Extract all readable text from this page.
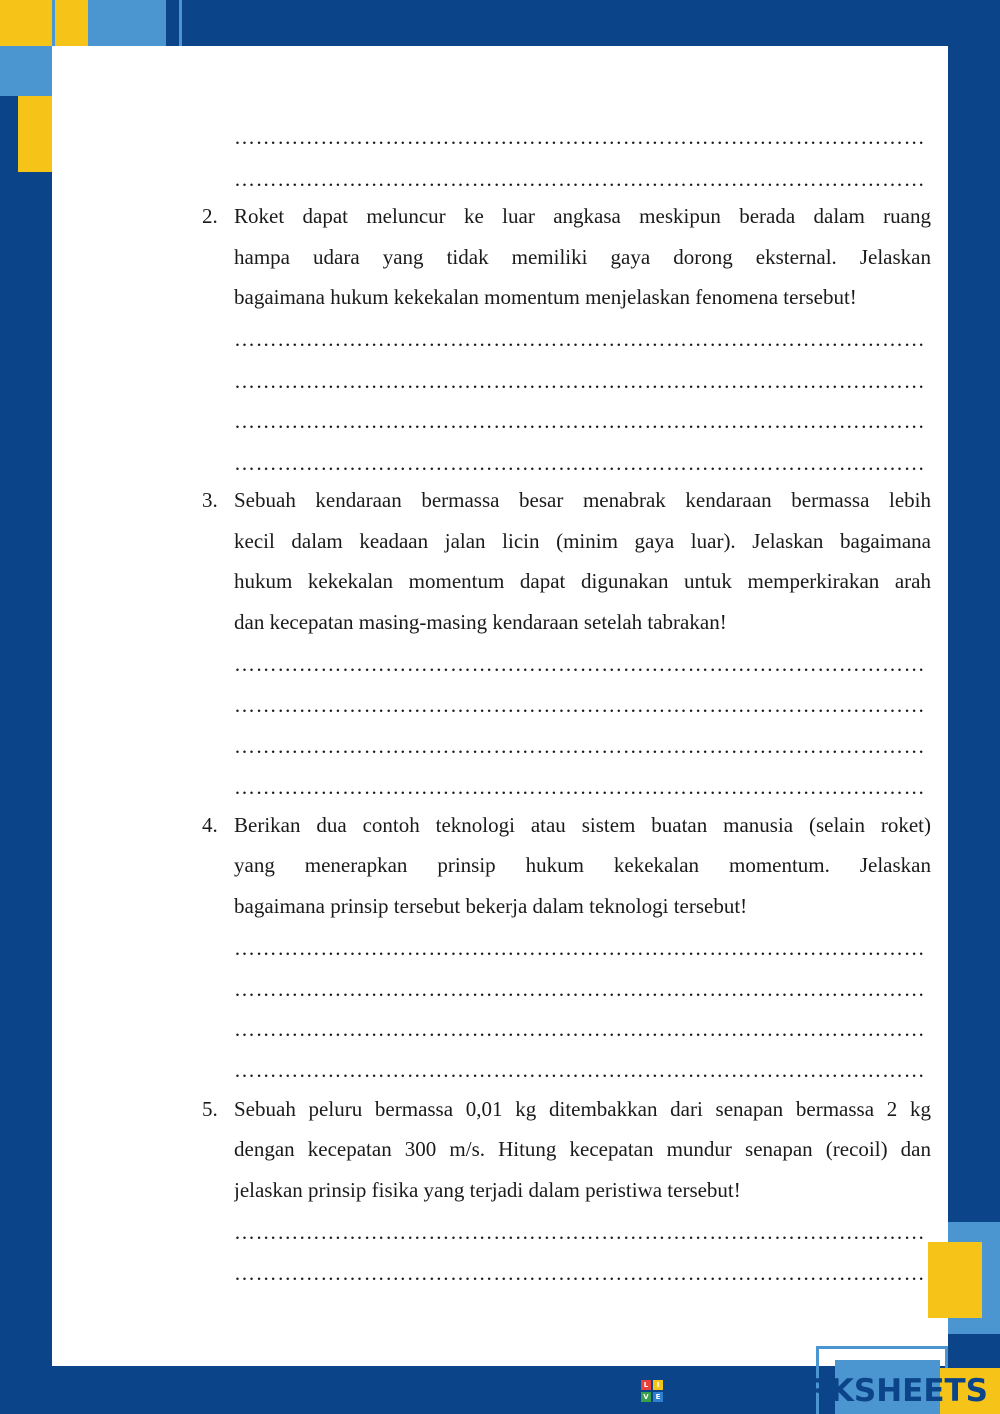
……………………………………………………………………………………
……………………………………………………………………………………
2. Roket dapat meluncur ke luar angkasa meskipun berada dalam ruang
hampa udara yang tidak memiliki gaya dorong eksternal. Jelaskan
bagaimana hukum kekekalan momentum menjelaskan fenomena tersebut!
……………………………………………………………………………………
……………………………………………………………………………………
……………………………………………………………………………………
……………………………………………………………………………………
3. Sebuah kendaraan bermassa besar menabrak kendaraan bermassa lebih
kecil dalam keadaan jalan licin (minim gaya luar). Jelaskan bagaimana
hukum kekekalan momentum dapat digunakan untuk memperkirakan arah
dan kecepatan masing-masing kendaraan setelah tabrakan!
……………………………………………………………………………………
……………………………………………………………………………………
……………………………………………………………………………………
……………………………………………………………………………………
4. Berikan dua contoh teknologi atau sistem buatan manusia (selain roket)
yang menerapkan prinsip hukum kekekalan momentum. Jelaskan
bagaimana prinsip tersebut bekerja dalam teknologi tersebut!
……………………………………………………………………………………
……………………………………………………………………………………
……………………………………………………………………………………
……………………………………………………………………………………
5. Sebuah peluru bermassa 0,01 kg ditembakkan dari senapan bermassa 2 kg
dengan kecepatan 300 m/s. Hitung kecepatan mundur senapan (recoil) dan
jelaskan prinsip fisika yang terjadi dalam peristiwa tersebut!
……………………………………………………………………………………
……………………………………………………………………………………
L	I
V E LIVEWORKSHEETS
